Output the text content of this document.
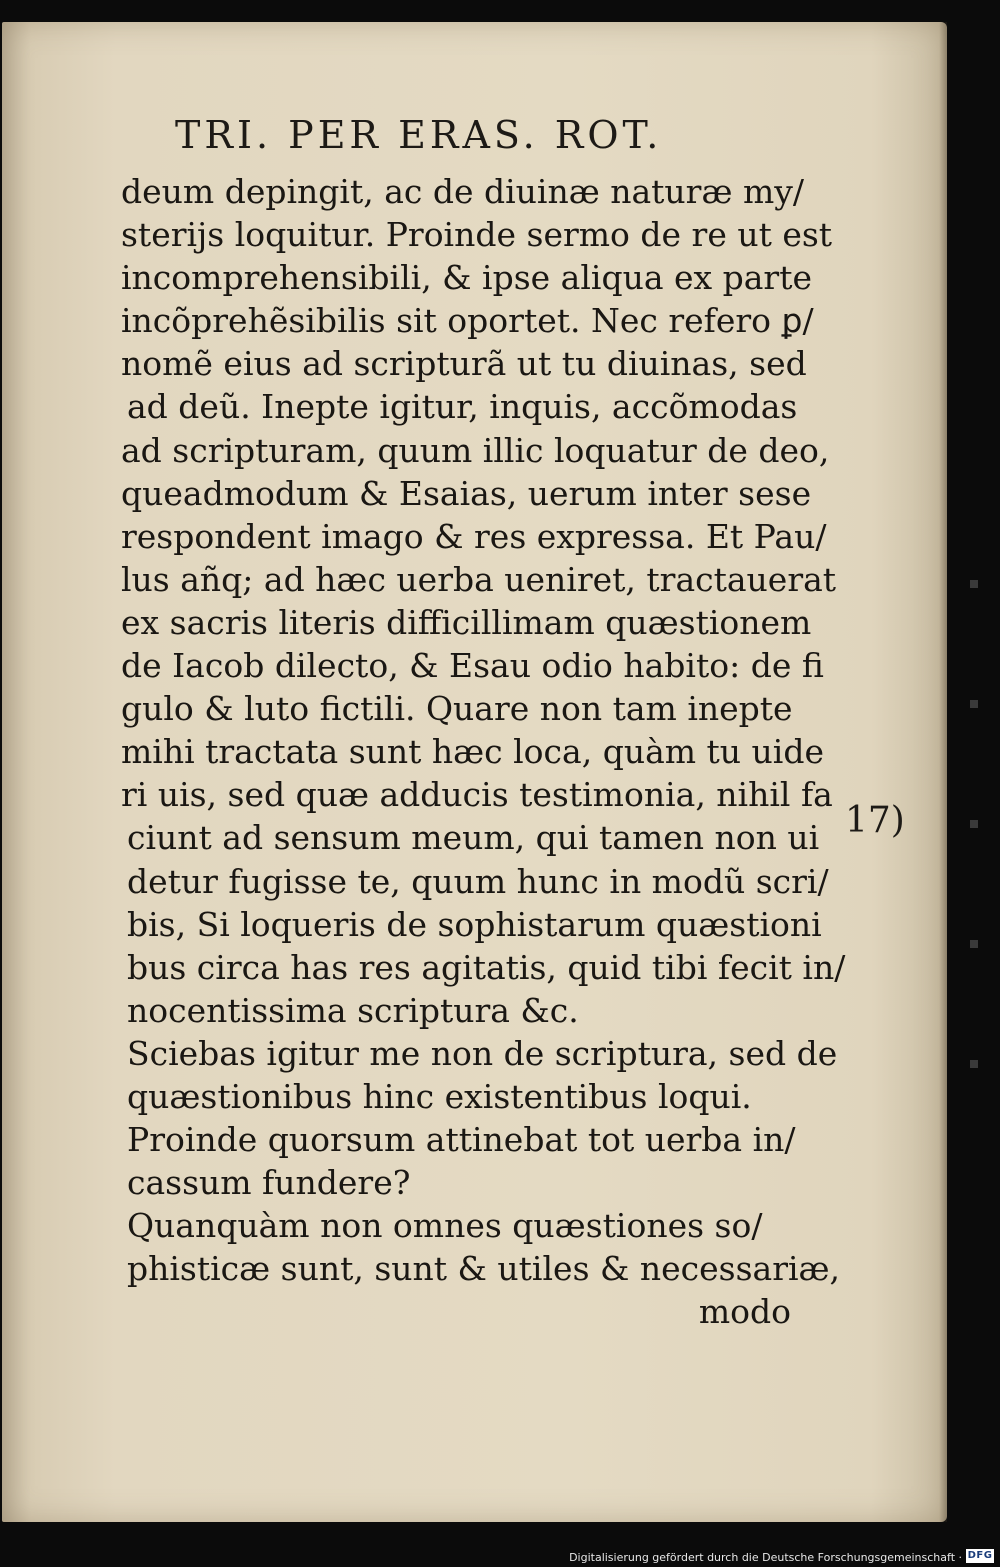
TRI. PER ERAS. ROT.
deum depingit, ac de diuinæ naturæ my/
sterijs loquitur. Proinde sermo de re ut est
incomprehensibili, & ipse aliqua ex parte
incõprehẽsibilis sit oportet. Nec refero ꝑ/
nomẽ eius ad scripturã ut tu diuinas, sed
ad deũ. Inepte igitur, inquis, accõmodas
ad scripturam, quum illic loquatur de deo,
queadmodum & Esaias, uerum inter sese
respondent imago & res expressa. Et Pau/
lus añq; ad hæc uerba ueniret, tractauerat
ex sacris literis difficillimam quæstionem
de Iacob dilecto, & Esau odio habito: de fi
gulo & luto fictili. Quare non tam inepte
mihi tractata sunt hæc loca, quàm tu uide
ri uis, sed quæ adducis testimonia, nihil fa
ciunt ad sensum meum, qui tamen non ui
detur fugisse te, quum hunc in modũ scri/
bis, Si loqueris de sophistarum quæstioni
bus circa has res agitatis, quid tibi fecit in/
nocentissima scriptura &c.
Sciebas igitur me non de scriptura, sed de
quæstionibus hinc existentibus loqui.
Proinde quorsum attinebat tot uerba in/
cassum fundere?
Quanquàm non omnes quæstiones so/
phisticæ sunt, sunt & utiles & necessariæ,
modo
17)
Digitalisierung gefördert durch die Deutsche Forschungsgemeinschaft · DFG
